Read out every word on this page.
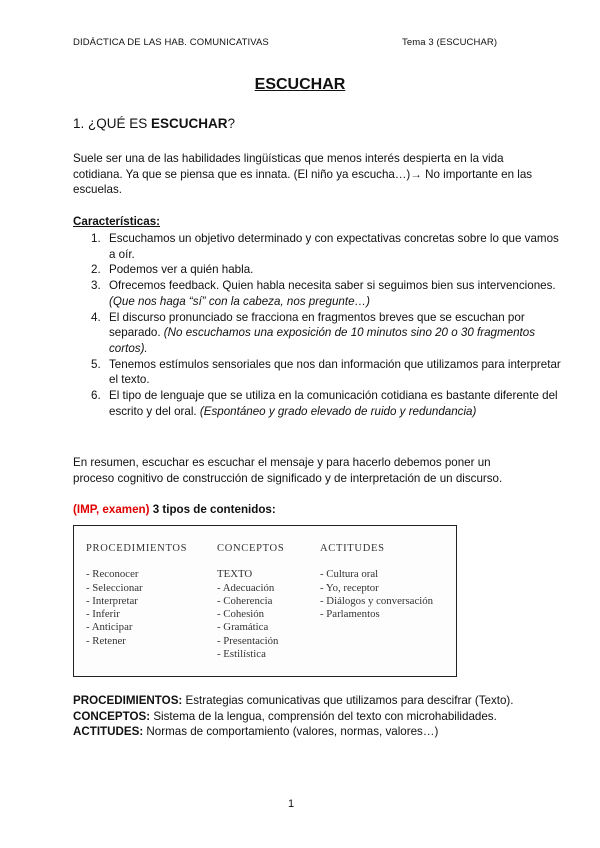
DIDÁCTICA DE LAS HAB. COMUNICATIVAS	Tema 3 (ESCUCHAR)
ESCUCHAR
1. ¿QUÉ ES ESCUCHAR?
Suele ser una de las habilidades lingüísticas que menos interés despierta en la vida cotidiana. Ya que se piensa que es innata. (El niño ya escucha…)→ No importante en las escuelas.
Características:
1. Escuchamos un objetivo determinado y con expectativas concretas sobre lo que vamos a oír.
2. Podemos ver a quién habla.
3. Ofrecemos feedback. Quien habla necesita saber si seguimos bien sus intervenciones. (Que nos haga “sí” con la cabeza, nos pregunte…)
4. El discurso pronunciado se fracciona en fragmentos breves que se escuchan por separado. (No escuchamos una exposición de 10 minutos sino 20 o 30 fragmentos cortos).
5. Tenemos estímulos sensoriales que nos dan información que utilizamos para interpretar el texto.
6. El tipo de lenguaje que se utiliza en la comunicación cotidiana es bastante diferente del escrito y del oral. (Espontáneo y grado elevado de ruido y redundancia)
En resumen, escuchar es escuchar el mensaje y para hacerlo debemos poner un proceso cognitivo de construcción de significado y de interpretación de un discurso.
(IMP, examen) 3 tipos de contenidos:
PROCEDIMIENTOS
- Reconocer
- Seleccionar
- Interpretar
- Inferir
- Anticipar
- Retener
CONCEPTOS
TEXTO
- Adecuación
- Coherencia
- Cohesión
- Gramática
- Presentación
- Estilística
ACTITUDES
- Cultura oral
- Yo, receptor
- Diálogos y conversación
- Parlamentos

PROCEDIMIENTOS: Estrategias comunicativas que utilizamos para descifrar (Texto).

CONCEPTOS: Sistema de la lengua, comprensión del texto con microhabilidades.

ACTITUDES: Normas de comportamiento (valores, normas, valores…)

1
